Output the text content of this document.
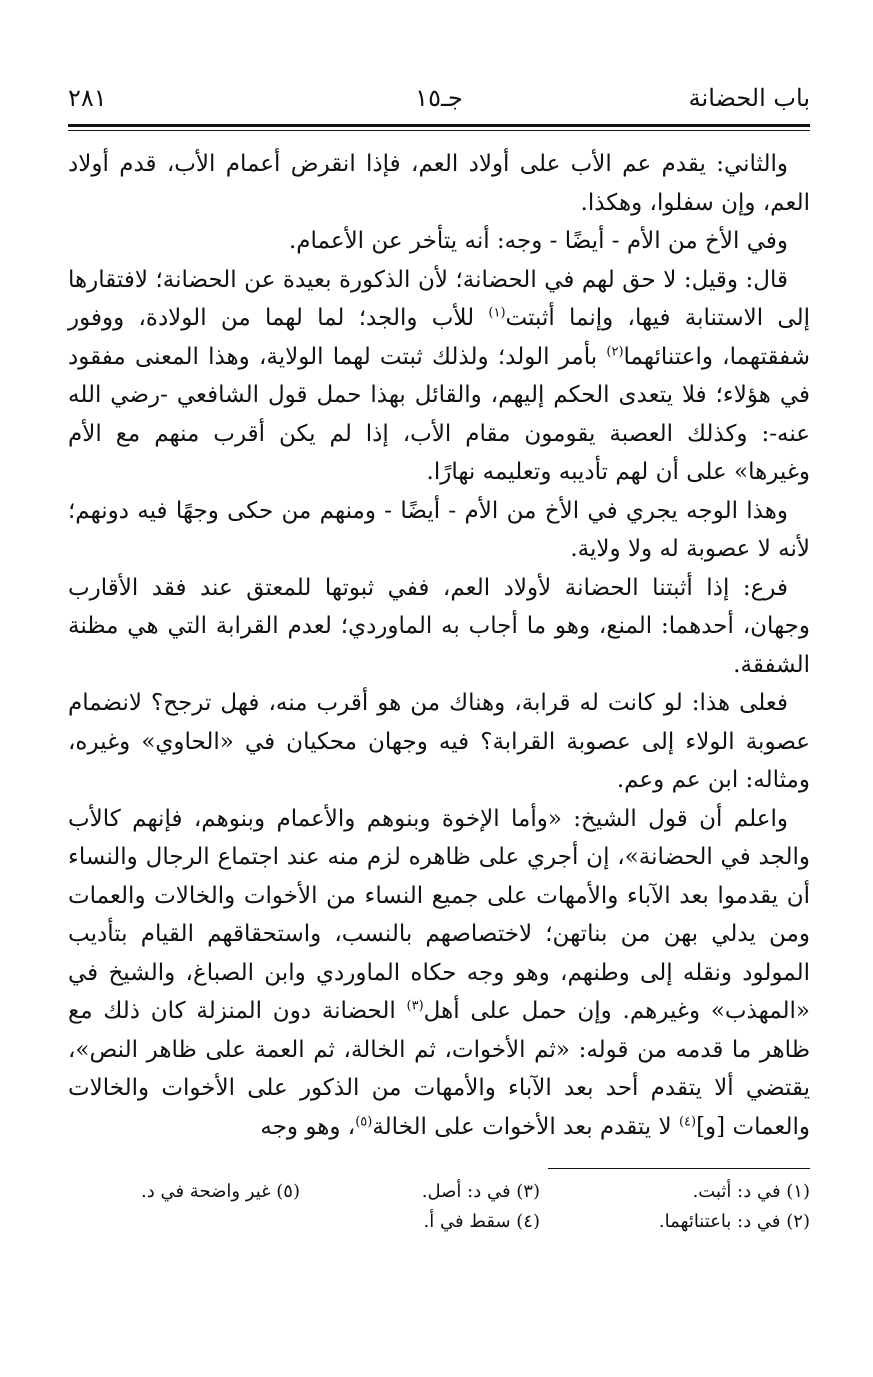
باب الحضانة
جـ١٥
٢٨١

والثاني: يقدم عم الأب على أولاد العم، فإذا انقرض أعمام الأب، قدم أولاد العم، وإن سفلوا، وهكذا.

وفي الأخ من الأم - أيضًا - وجه: أنه يتأخر عن الأعمام.

قال: وقيل: لا حق لهم في الحضانة؛ لأن الذكورة بعيدة عن الحضانة؛ لافتقارها إلى الاستنابة فيها، وإنما أثبتت$^{(١)}$ للأب والجد؛ لما لهما من الولادة، ووفور شفقتهما، واعتنائهما$^{(٢)}$ بأمر الولد؛ ولذلك ثبتت لهما الولاية، وهذا المعنى مفقود في هؤلاء؛ فلا يتعدى الحكم إليهم، والقائل بهذا حمل قول الشافعي -رضي الله عنه-: وكذلك العصبة يقومون مقام الأب، إذا لم يكن أقرب منهم مع الأم وغيرها» على أن لهم تأديبه وتعليمه نهارًا.

وهذا الوجه يجري في الأخ من الأم - أيضًا - ومنهم من حكى وجهًا فيه دونهم؛ لأنه لا عصوبة له ولا ولاية.

فرع: إذا أثبتنا الحضانة لأولاد العم، ففي ثبوتها للمعتق عند فقد الأقارب وجهان، أحدهما: المنع، وهو ما أجاب به الماوردي؛ لعدم القرابة التي هي مظنة الشفقة.

فعلى هذا: لو كانت له قرابة، وهناك من هو أقرب منه، فهل ترجح؟ لانضمام عصوبة الولاء إلى عصوبة القرابة؟ فيه وجهان محكيان في «الحاوي» وغيره، ومثاله: ابن عم وعم.

واعلم أن قول الشيخ: «وأما الإخوة وبنوهم والأعمام وبنوهم، فإنهم كالأب والجد في الحضانة»، إن أجري على ظاهره لزم منه عند اجتماع الرجال والنساء أن يقدموا بعد الآباء والأمهات على جميع النساء من الأخوات والخالات والعمات ومن يدلي بهن من بناتهن؛ لاختصاصهم بالنسب، واستحقاقهم القيام بتأديب المولود ونقله إلى وطنهم، وهو وجه حكاه الماوردي وابن الصباغ، والشيخ في «المهذب» وغيرهم. وإن حمل على أهل$^{(٣)}$ الحضانة دون المنزلة كان ذلك مع ظاهر ما قدمه من قوله: «ثم الأخوات، ثم الخالة، ثم العمة على ظاهر النص»، يقتضي ألا يتقدم أحد بعد الآباء والأمهات من الذكور على الأخوات والخالات والعمات [و]$^{(٤)}$ لا يتقدم بعد الأخوات على الخالة$^{(٥)}$، وهو وجه

(١) في د: أثبت.
(٣) في د: أصل.
(٥) غير واضحة في د.
(٢) في د: باعتنائهما.
(٤) سقط في أ.
